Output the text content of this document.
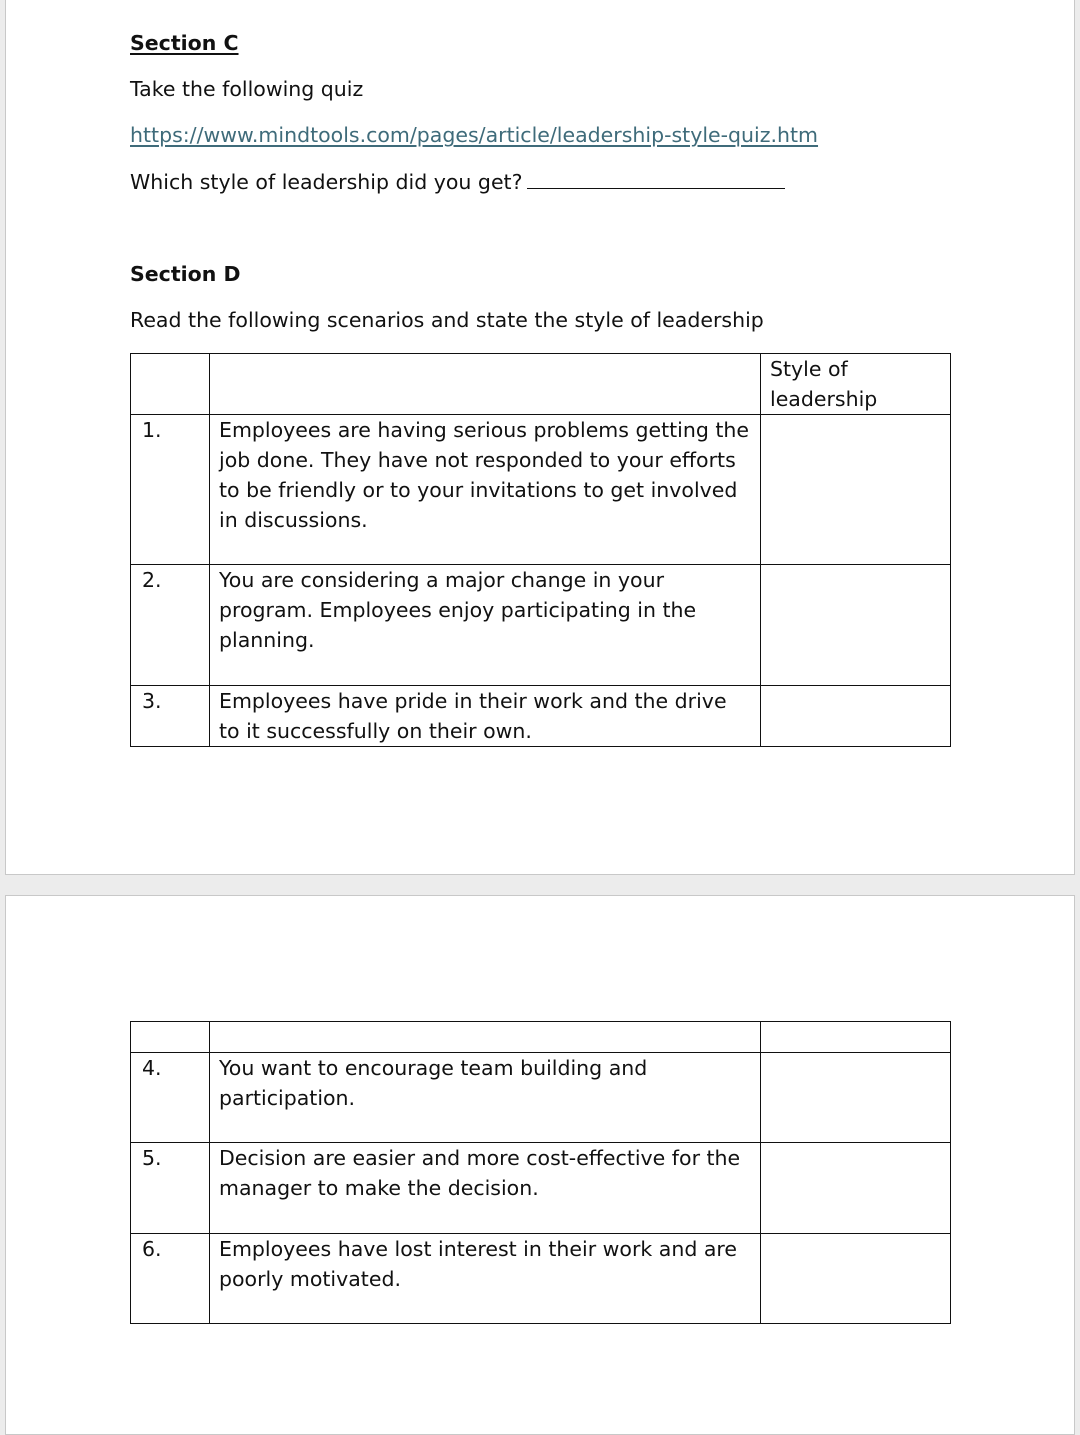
Section C

Take the following quiz

https://www.mindtools.com/pages/article/leadership-style-quiz.htm

Which style of leadership did you get?

Section D

Read the following scenarios and state the style of leadership

		Style of leadership
1.	Employees are having serious problems getting the job done. They have not responded to your efforts to be friendly or to your invitations to get involved in discussions.	
2.	You are considering a major change in your program. Employees enjoy participating in the planning.	
3.	Employees have pride in their work and the drive to it successfully on their own.	

4.	You want to encourage team building and participation.	
5.	Decision are easier and more cost-effective for the manager to make the decision.	
6.	Employees have lost interest in their work and are poorly motivated.	
